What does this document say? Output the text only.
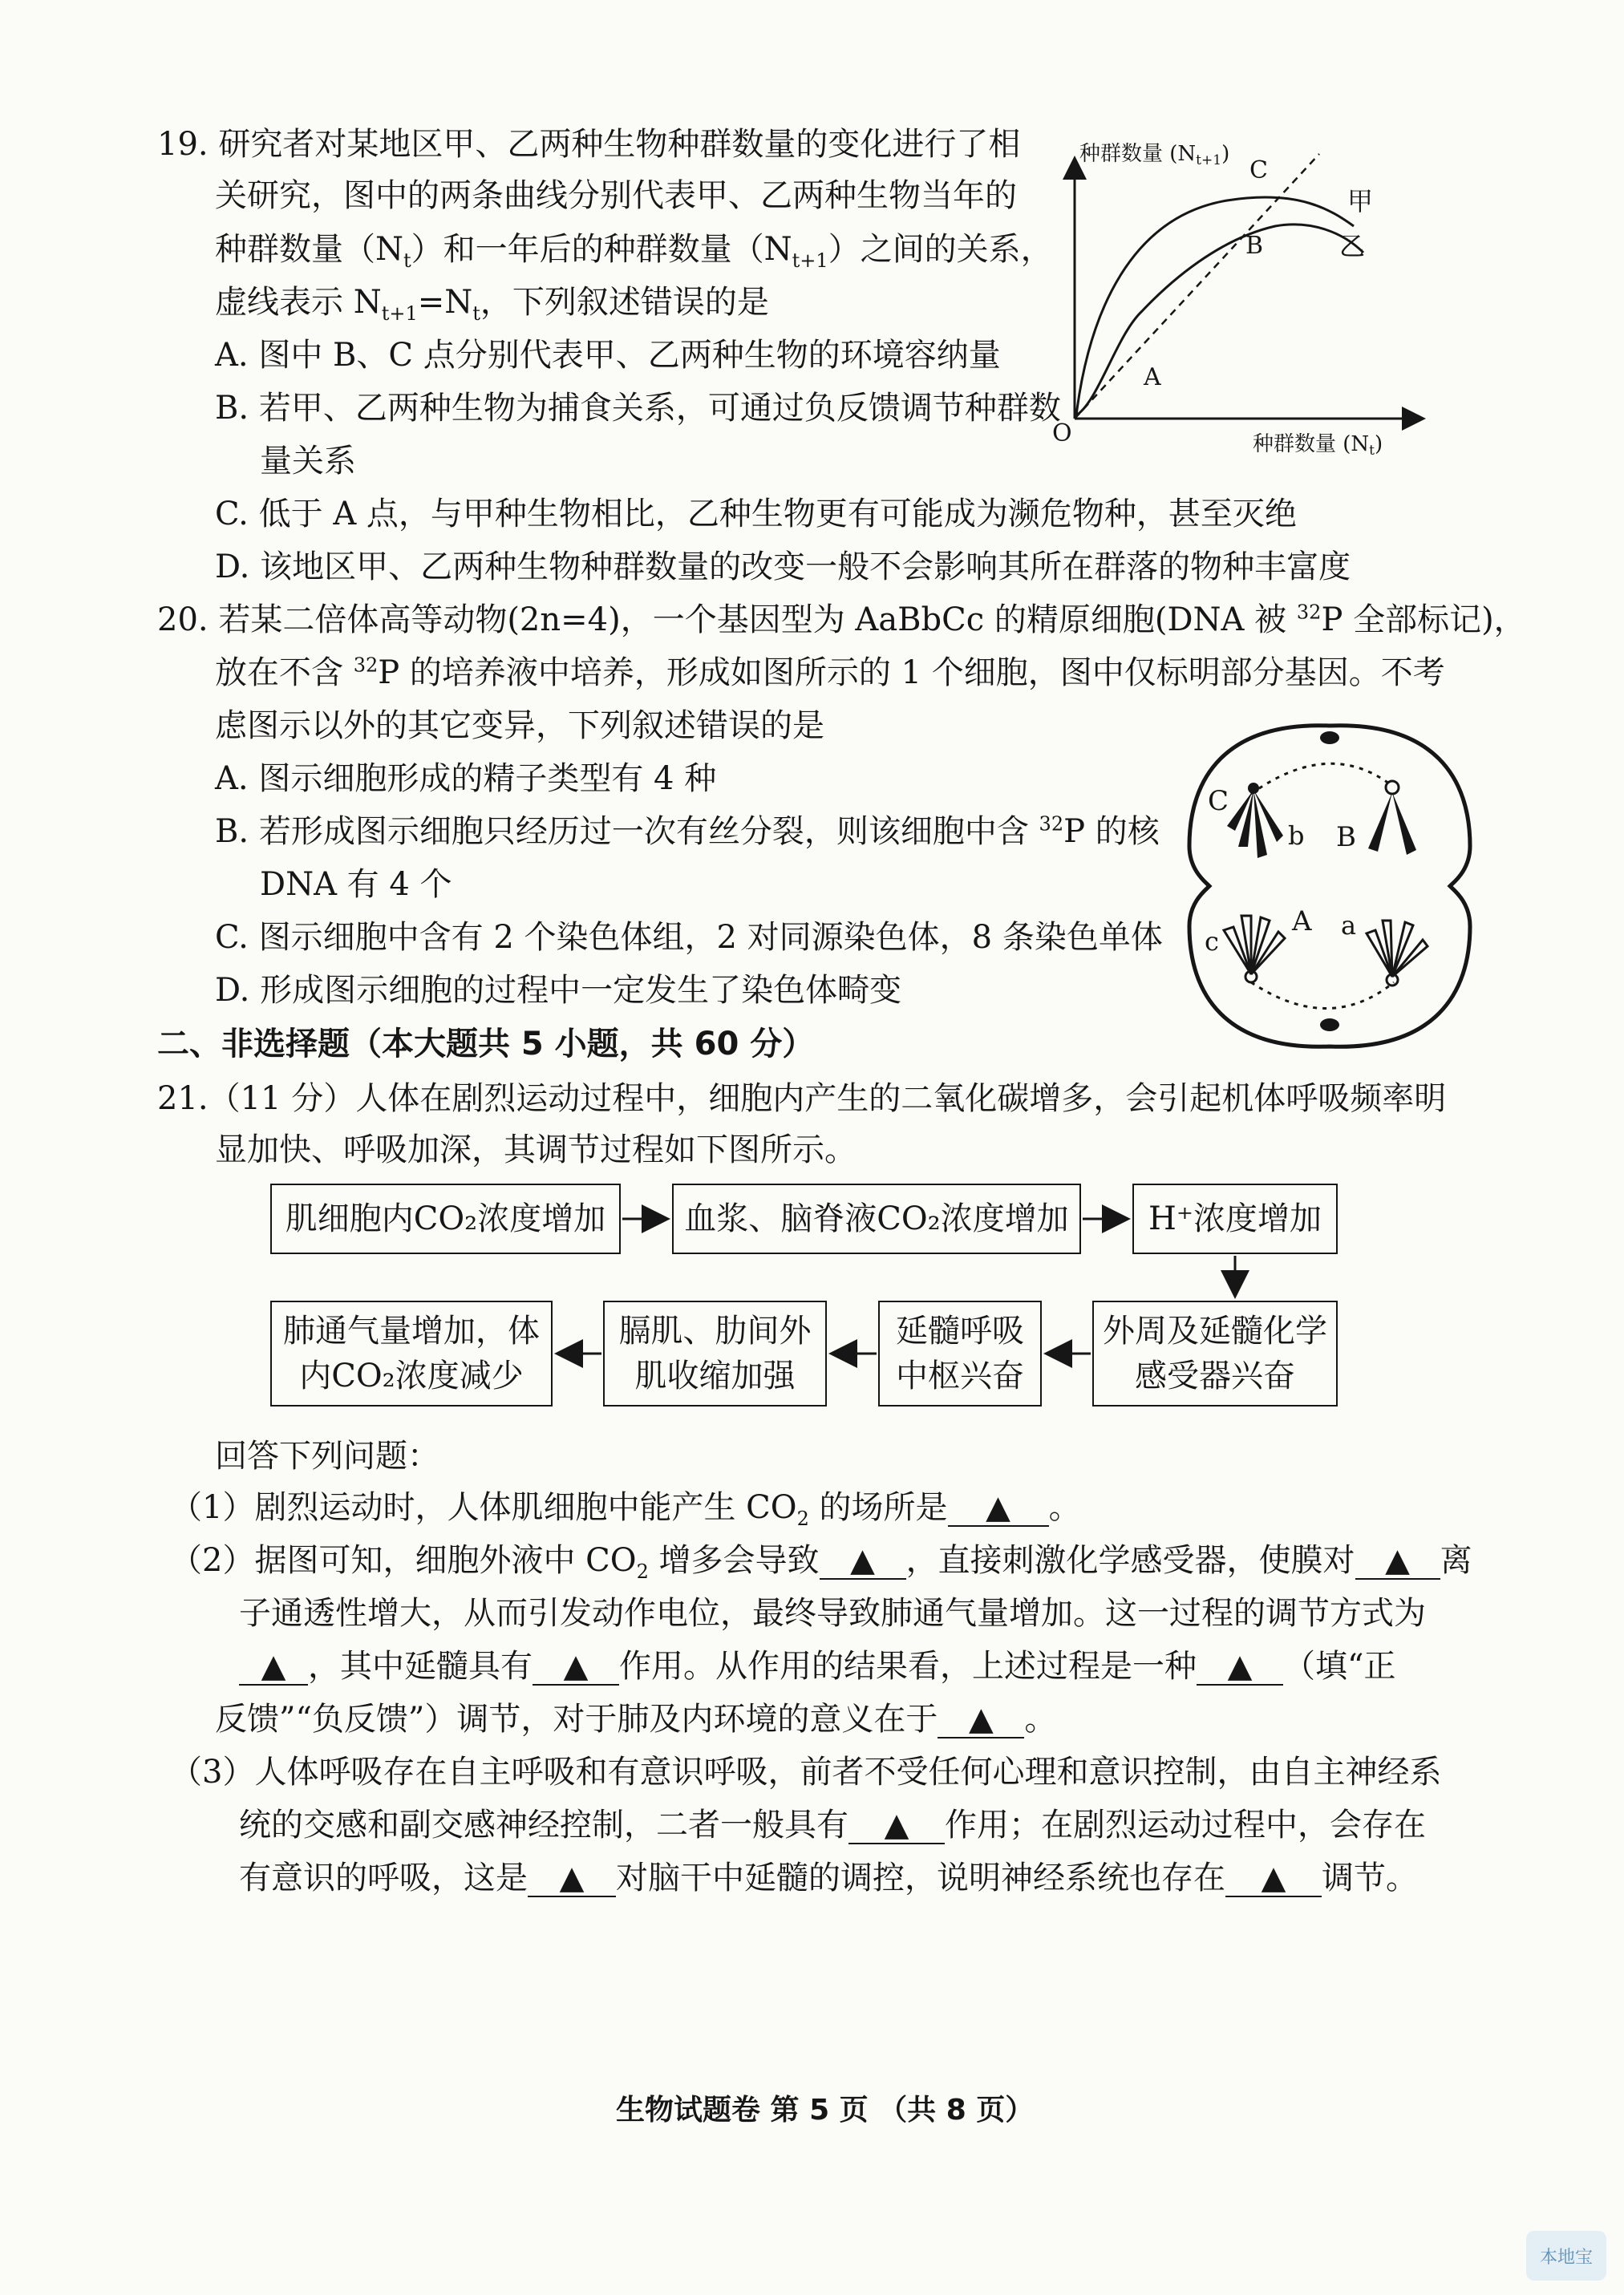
19. 研究者对某地区甲、乙两种生物种群数量的变化进行了相
关研究，图中的两条曲线分别代表甲、乙两种生物当年的
种群数量$(N_t)$和一年后的种群数量$(N_{t+1})$之间的关系，
虚线表示 $N_{t+1}=N_t$，下列叙述错误的是
A. 图中 B、C 点分别代表甲、乙两种生物的环境容纳量
B. 若甲、乙两种生物为捕食关系，可通过负反馈调节种群数
量关系
C. 低于 A 点，与甲种生物相比，乙种生物更有可能成为濒危物种，甚至灭绝
D. 该地区甲、乙两种生物种群数量的改变一般不会影响其所在群落的物种丰富度
种群数量 (Nt+1)
种群数量 (Nt)
O
甲
乙
A
B
C
20. 若某二倍体高等动物(2n=4)，一个基因型为 AaBbCc 的精原细胞(DNA 被 $^{32}$P 全部标记)，
放在不含 $^{32}$P 的培养液中培养，形成如图所示的 1 个细胞，图中仅标明部分基因。不考
虑图示以外的其它变异，下列叙述错误的是
A. 图示细胞形成的精子类型有 4 种
B. 若形成图示细胞只经历过一次有丝分裂，则该细胞中含 $^{32}$P 的核
DNA 有 4 个
C. 图示细胞中含有 2 个染色体组，2 对同源染色体，8 条染色单体
D. 形成图示细胞的过程中一定发生了染色体畸变
C
b B
c
A a
二、非选择题（本大题共 5 小题，共 60 分）
21.（11 分）人体在剧烈运动过程中，细胞内产生的二氧化碳增多，会引起机体呼吸频率明
显加快、呼吸加深，其调节过程如下图所示。
肌细胞内CO₂浓度增加	血浆、脑脊液CO₂浓度增加	H⁺浓度增加
外周及延髓化学
感受器兴奋
延髓呼吸
中枢兴奋
膈肌、肋间外
肌收缩加强
肺通气量增加，体
内CO₂浓度减少
回答下列问题：
（1）剧烈运动时，人体肌细胞中能产生 $CO_2$ 的场所是 ▲ 。
（2）据图可知，细胞外液中 $CO_2$ 增多会导致 ▲ ，直接刺激化学感受器，使膜对 ▲ 离
子通透性增大，从而引发动作电位，最终导致肺通气量增加。这一过程的调节方式为
▲ ，其中延髓具有 ▲ 作用。从作用的结果看，上述过程是一种 ▲ （填“正
反馈”“负反馈”）调节，对于肺及内环境的意义在于 ▲ 。
（3）人体呼吸存在自主呼吸和有意识呼吸，前者不受任何心理和意识控制，由自主神经系
统的交感和副交感神经控制，二者一般具有 ▲ 作用；在剧烈运动过程中，会存在
有意识的呼吸，这是 ▲ 对脑干中延髓的调控，说明神经系统也存在 ▲ 调节。
生物试题卷 第 5 页 （共 8 页）
本地宝
